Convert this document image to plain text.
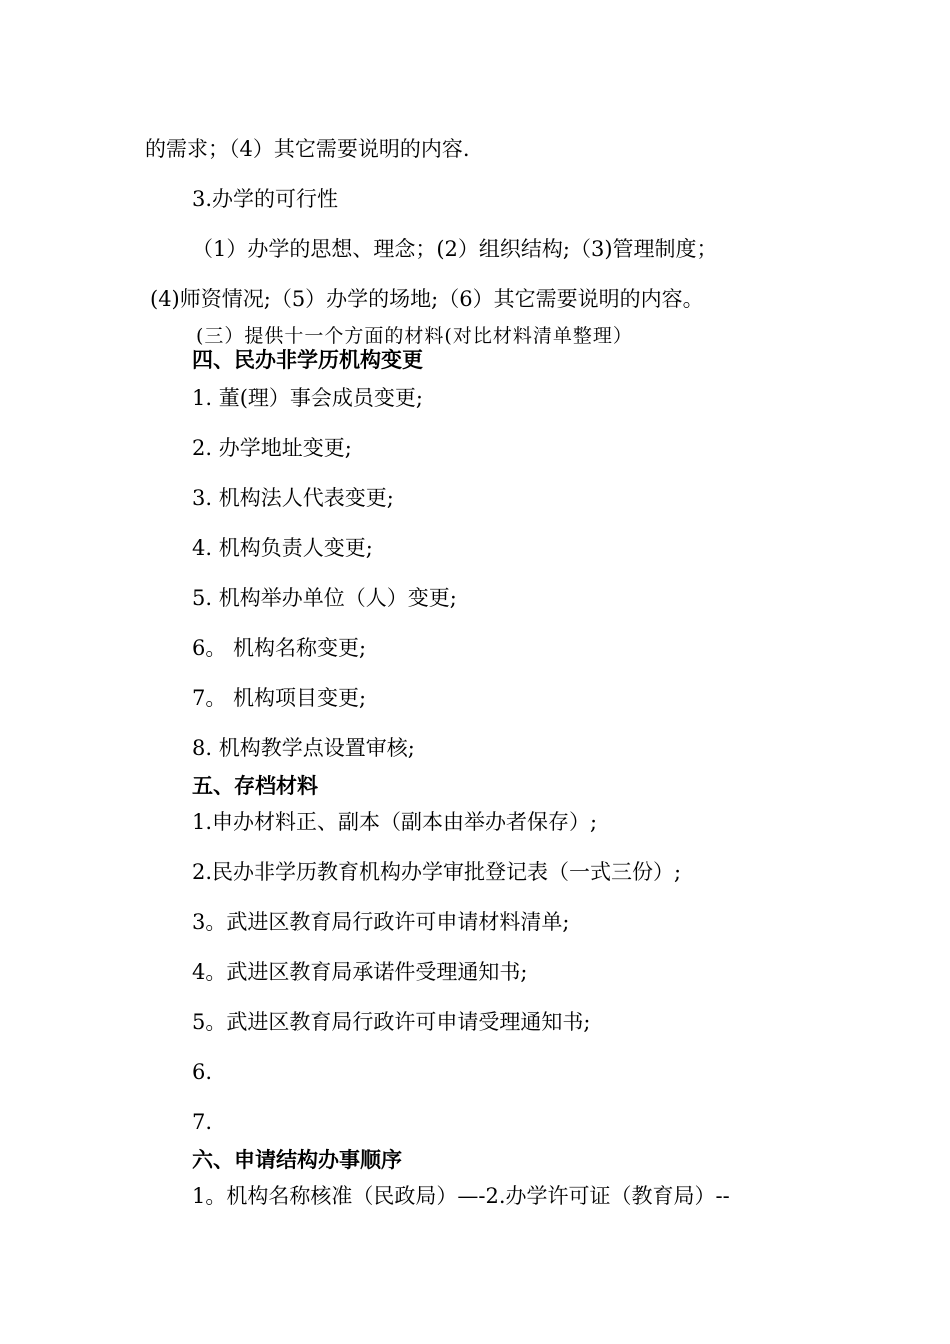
的需求；（4）其它需要说明的内容.
3.办学的可行性
（1）办学的思想、理念；(2）组织结构;（3)管理制度；
(4)师资情况;（5）办学的场地;（6）其它需要说明的内容。
(三）提供十一个方面的材料(对比材料清单整理）
四、民办非学历机构变更
1. 董(理）事会成员变更;
2. 办学地址变更;
3. 机构法人代表变更;
4. 机构负责人变更;
5. 机构举办单位（人）变更;
6。 机构名称变更;
7。 机构项目变更;
8. 机构教学点设置审核;
五、存档材料
1.申办材料正、副本（副本由举办者保存）;
2.民办非学历教育机构办学审批登记表（一式三份）;
3。武进区教育局行政许可申请材料清单;
4。武进区教育局承诺件受理通知书;
5。武进区教育局行政许可申请受理通知书;
6.
7.
六、申请结构办事顺序
1。机构名称核准（民政局）—-2.办学许可证（教育局）--
